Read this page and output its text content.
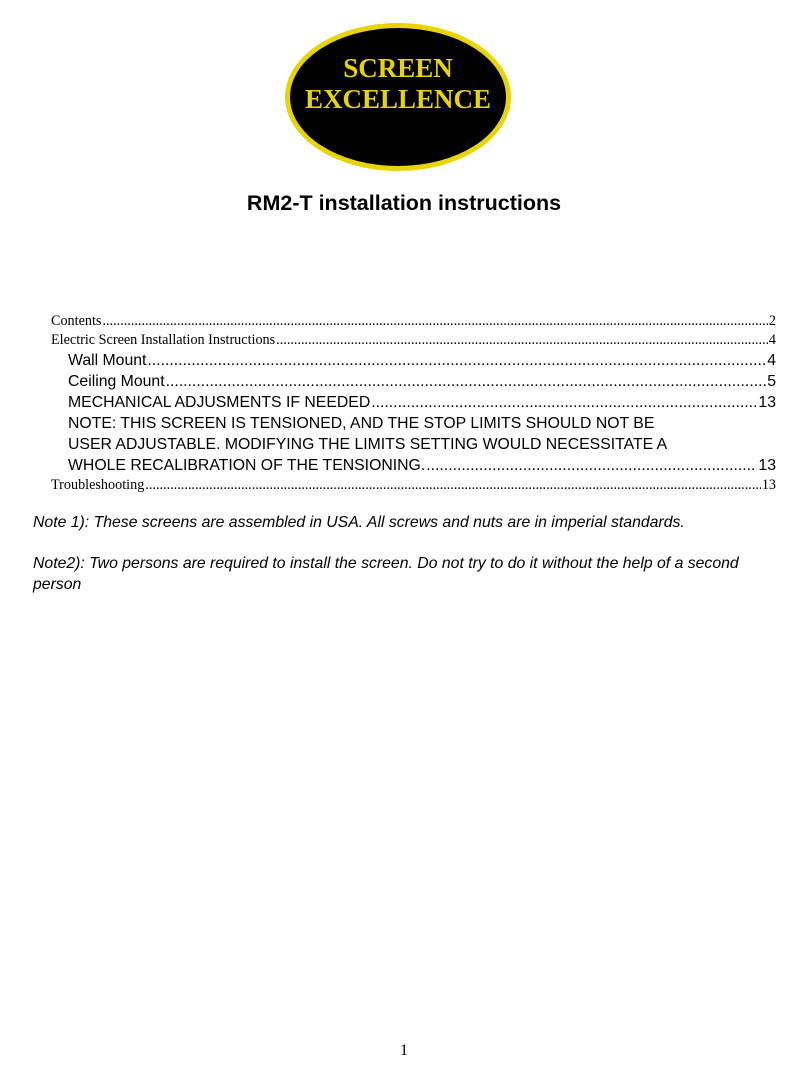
SCREEN
EXCELLENCE
RM2-T installation instructions
Contents .....	2
Electric Screen Installation Instructions .....	4
Wall Mount .....	4
Ceiling Mount .....	5
MECHANICAL ADJUSMENTS IF NEEDED .....	13
NOTE: THIS SCREEN IS TENSIONED, AND THE STOP LIMITS SHOULD NOT BE
USER ADJUSTABLE. MODIFYING THE LIMITS SETTING WOULD NECESSITATE A
WHOLE RECALIBRATION OF THE TENSIONING. .....	13
Troubleshooting .....	13
Note 1): These screens are assembled in USA. All screws and nuts are in imperial standards.
Note2): Two persons are required to install the screen. Do not try to do it without the help of a second person
1
